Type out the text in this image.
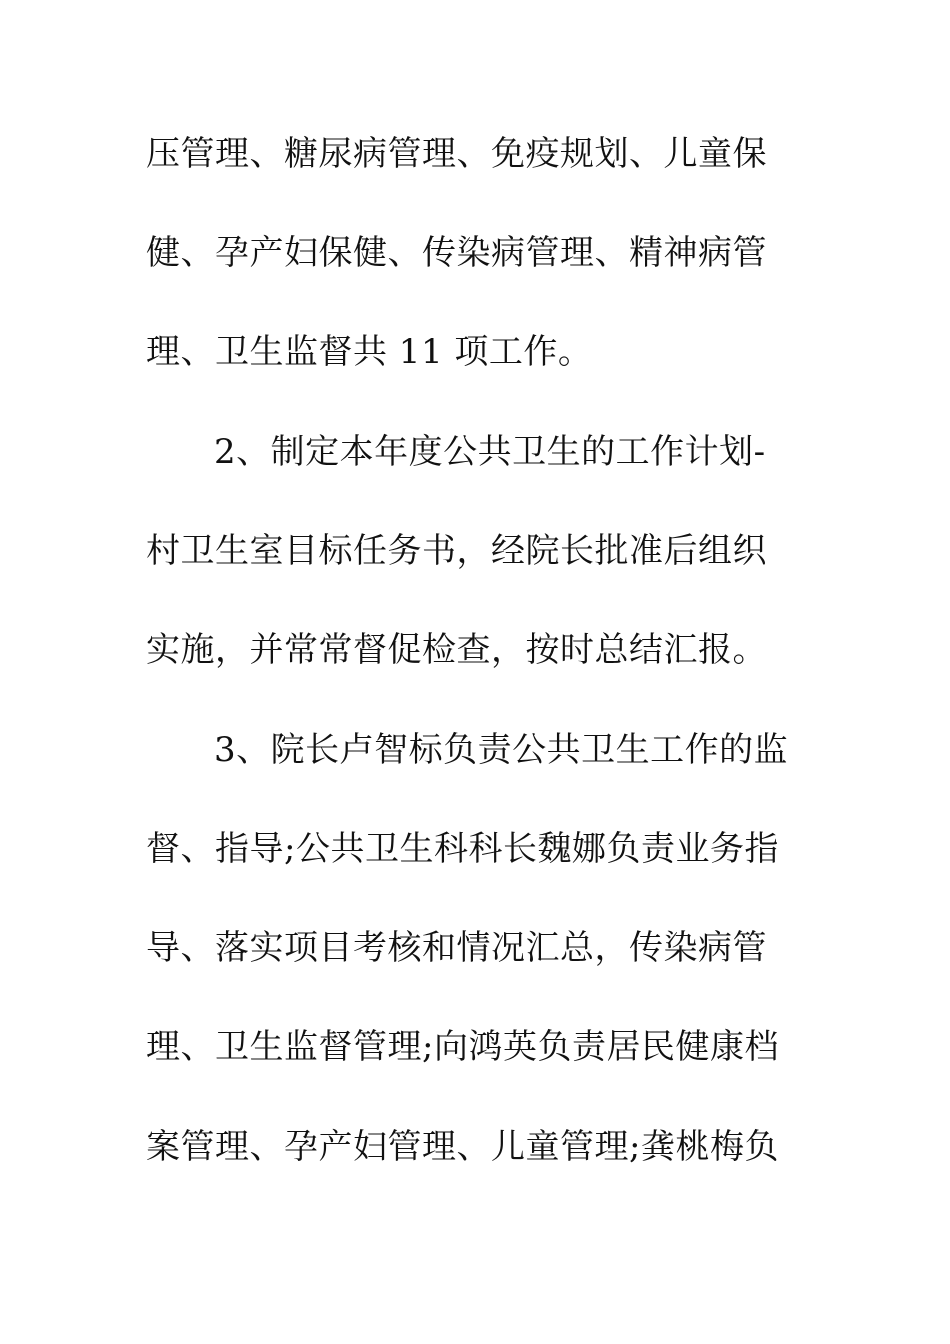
压管理、糖尿病管理、免疫规划、儿童保
健、孕产妇保健、传染病管理、精神病管
理、卫生监督共 11 项工作。
2、制定本年度公共卫生的工作计划-
村卫生室目标任务书，经院长批准后组织
实施，并常常督促检查，按时总结汇报。
3、院长卢智标负责公共卫生工作的监
督、指导;公共卫生科科长魏娜负责业务指
导、落实项目考核和情况汇总，传染病管
理、卫生监督管理;向鸿英负责居民健康档
案管理、孕产妇管理、儿童管理;龚桃梅负
